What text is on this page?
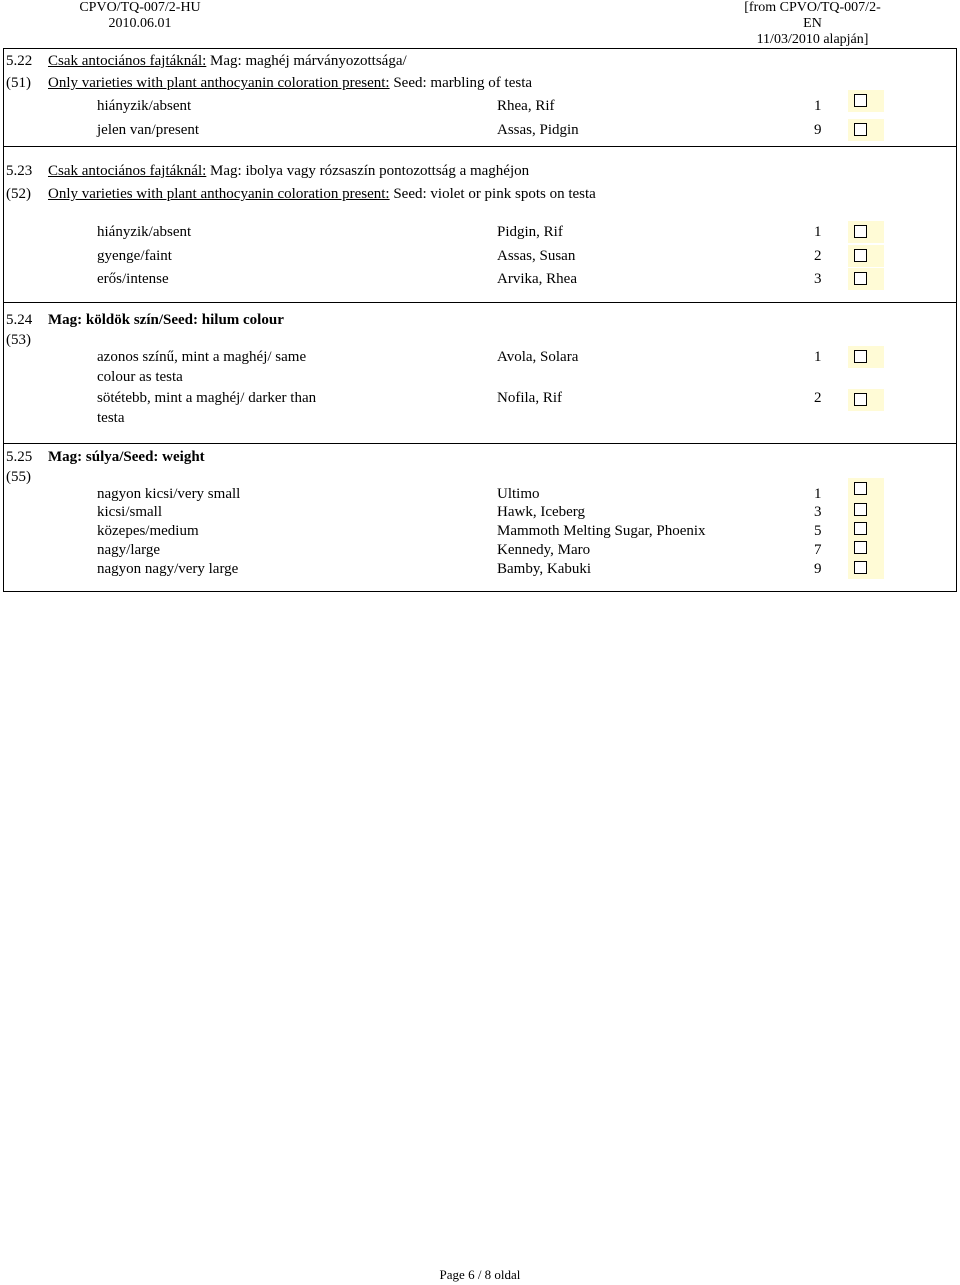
CPVO/TQ-007/2-HU
2010.06.01
[from CPVO/TQ-007/2-EN
11/03/2010 alapján]
5.22
(51)
Csak antociános fajtáknál: Mag: maghéj márványozottsága/
Only varieties with plant anthocyanin coloration present: Seed: marbling of testa
hiányzik/absent	Rhea, Rif	1
jelen van/present	Assas, Pidgin	9
5.23
(52)
Csak antociános fajtáknál: Mag: ibolya vagy rózsaszín pontozottság a maghéjon
Only varieties with plant anthocyanin coloration present: Seed: violet or pink spots on testa
hiányzik/absent	Pidgin, Rif	1
gyenge/faint	Assas, Susan	2
erős/intense	Arvika, Rhea	3
5.24
(53)
Mag: köldök szín/Seed: hilum colour
azonos színű, mint a maghéj/ same
colour as testa
Avola, Solara	1
sötétebb, mint a maghéj/ darker than
testa
Nofila, Rif	2
5.25
(55)
Mag: súlya/Seed: weight
nagyon kicsi/very small	Ultimo	1
kicsi/small	Hawk, Iceberg	3
közepes/medium	Mammoth Melting Sugar, Phoenix	5
nagy/large	Kennedy, Maro	7
nagyon nagy/very large	Bamby, Kabuki	9
Page 6 / 8 oldal
